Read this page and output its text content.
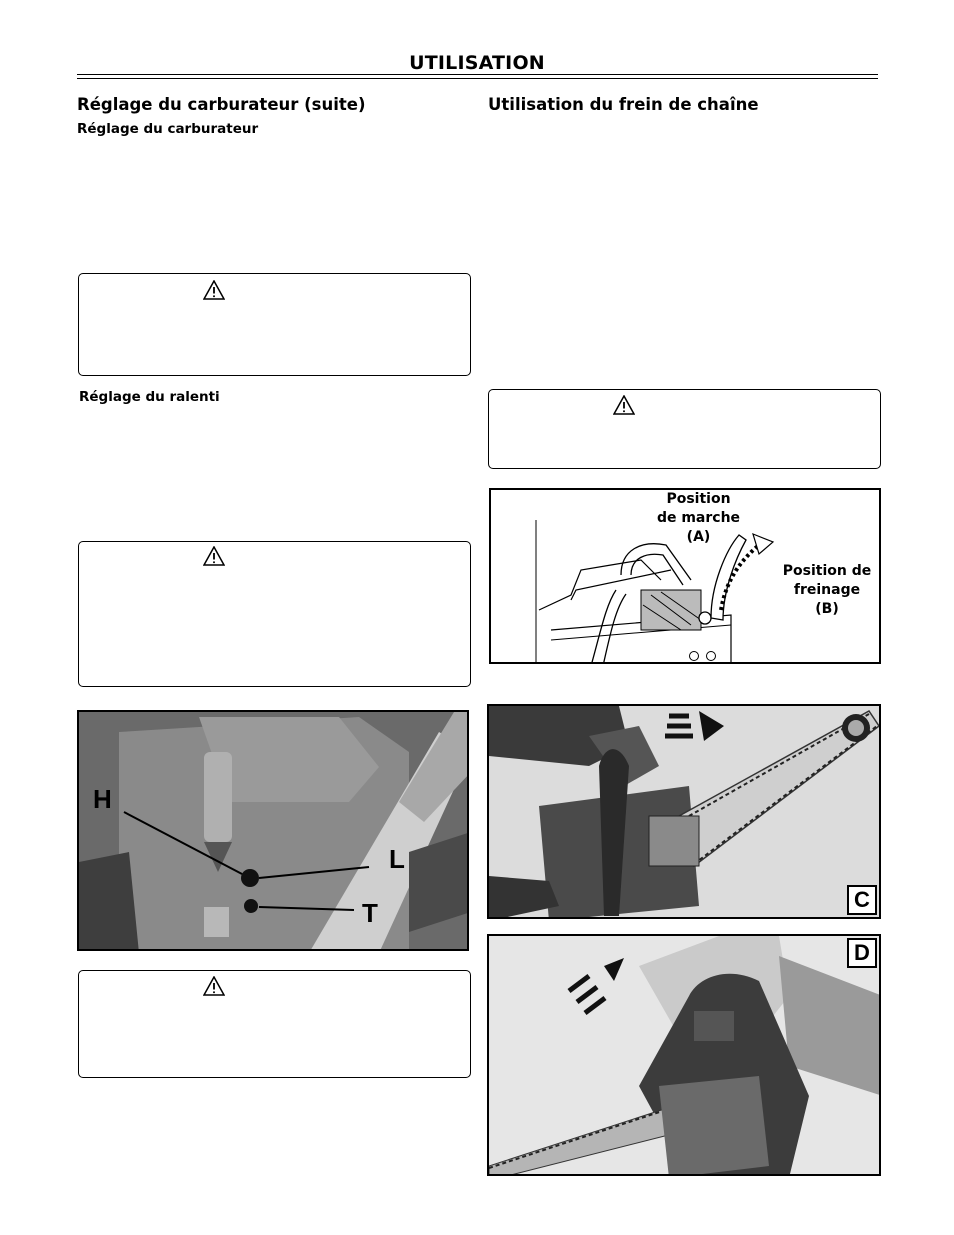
UTILISATION
Réglage du carburateur (suite)
Réglage du carburateur
Réglage du ralenti
H
L
T
Utilisation du frein de chaîne
Position
de marche
(A)
Position de
freinage
(B)
C
D
